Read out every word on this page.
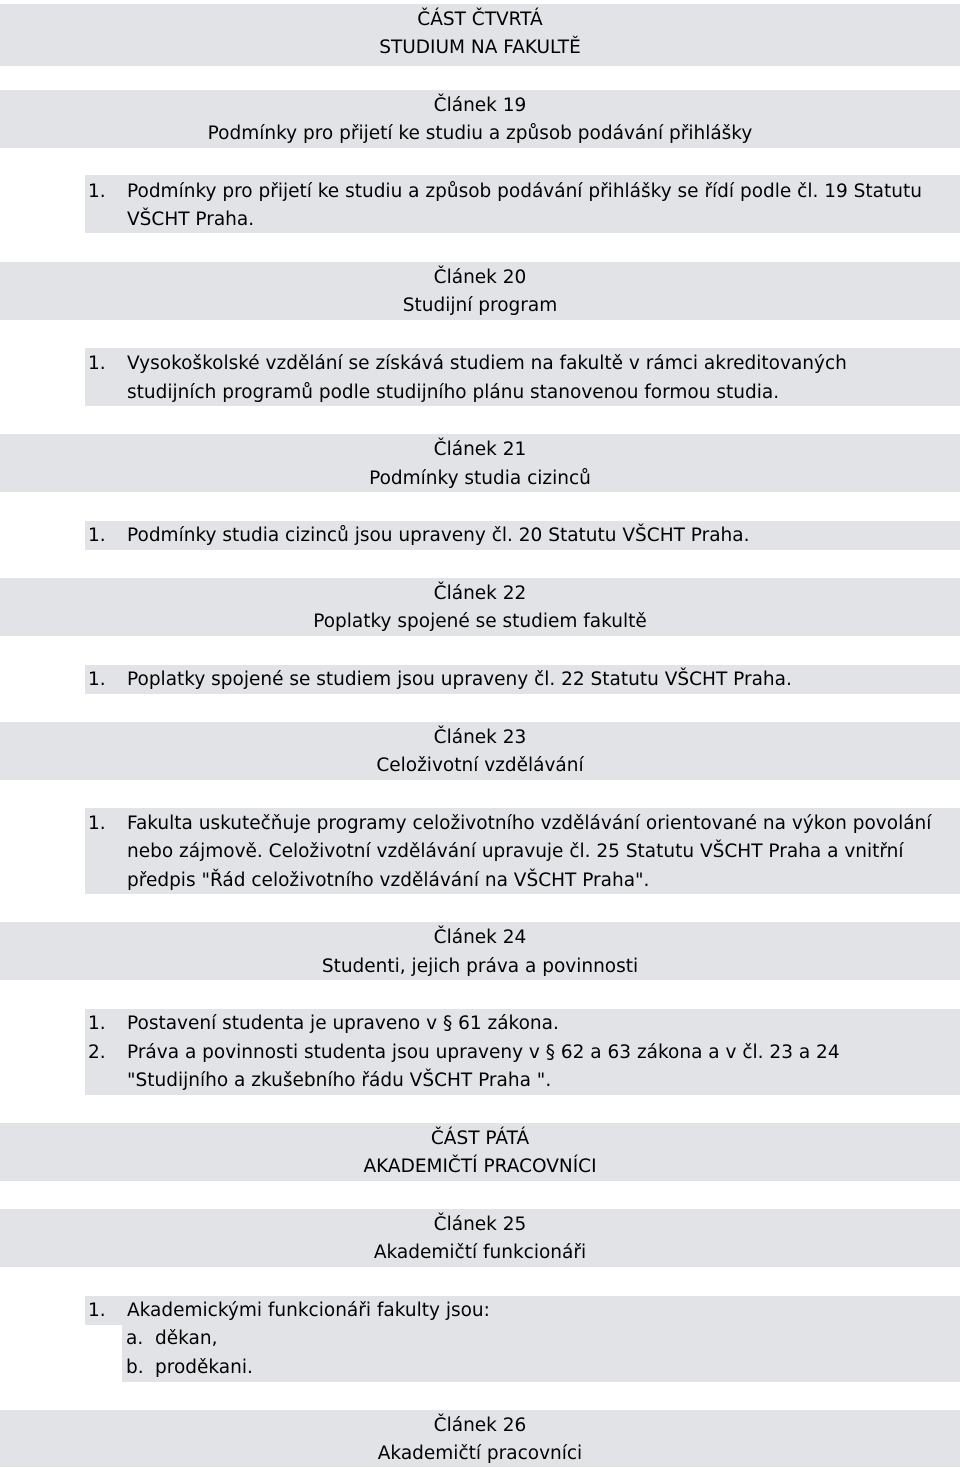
ČÁST ČTVRTÁ
STUDIUM NA FAKULTĚ
Článek 19
Podmínky pro přijetí ke studiu a způsob podávání přihlášky
1. Podmínky pro přijetí ke studiu a způsob podávání přihlášky se řídí podle čl. 19 Statutu
VŠCHT Praha.
Článek 20
Studijní program
1. Vysokoškolské vzdělání se získává studiem na fakultě v rámci akreditovaných
studijních programů podle studijního plánu stanovenou formou studia.
Článek 21
Podmínky studia cizinců
1. Podmínky studia cizinců jsou upraveny čl. 20 Statutu VŠCHT Praha.
Článek 22
Poplatky spojené se studiem fakultě
1. Poplatky spojené se studiem jsou upraveny čl. 22 Statutu VŠCHT Praha.
Článek 23
Celoživotní vzdělávání
1. Fakulta uskutečňuje programy celoživotního vzdělávání orientované na výkon povolání
nebo zájmově. Celoživotní vzdělávání upravuje čl. 25 Statutu VŠCHT Praha a vnitřní
předpis "Řád celoživotního vzdělávání na VŠCHT Praha".
Článek 24
Studenti, jejich práva a povinnosti
1. Postavení studenta je upraveno v § 61 zákona.
2. Práva a povinnosti studenta jsou upraveny v § 62 a 63 zákona a v čl. 23 a 24
"Studijního a zkušebního řádu VŠCHT Praha ".
ČÁST PÁTÁ
AKADEMIČTÍ PRACOVNÍCI
Článek 25
Akademičtí funkcionáři
1. Akademickými funkcionáři fakulty jsou:
a. děkan,
b. proděkani.
Článek 26
Akademičtí pracovníci
